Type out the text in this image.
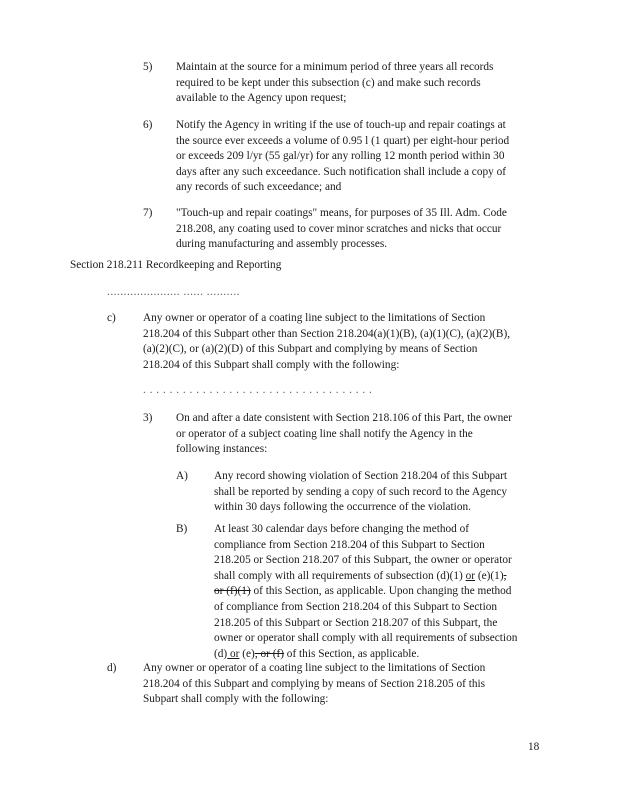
5) Maintain at the source for a minimum period of three years all records
required to be kept under this subsection (c) and make such records
available to the Agency upon request;

6) Notify the Agency in writing if the use of touch-up and repair coatings at
the source ever exceeds a volume of 0.95 l (1 quart) per eight-hour period
or exceeds 209 l/yr (55 gal/yr) for any rolling 12 month period within 30
days after any such exceedance. Such notification shall include a copy of
any records of such exceedance; and

7) "Touch-up and repair coatings" means, for purposes of 35 Ill. Adm. Code
218.208, any coating used to cover minor scratches and nicks that occur
during manufacturing and assembly processes.

Section 218.211 Recordkeeping and Reporting

...................... ...... ..........

c) Any owner or operator of a coating line subject to the limitations of Section
218.204 of this Subpart other than Section 218.204(a)(1)(B), (a)(1)(C), (a)(2)(B),
(a)(2)(C), or (a)(2)(D) of this Subpart and complying by means of Section
218.204 of this Subpart shall comply with the following:

. . . . . . . . . . . . . . . . . . . . . . . . . . . . . . . . . . .

3) On and after a date consistent with Section 218.106 of this Part, the owner
or operator of a subject coating line shall notify the Agency in the
following instances:

A) Any record showing violation of Section 218.204 of this Subpart
shall be reported by sending a copy of such record to the Agency
within 30 days following the occurrence of the violation.

B) At least 30 calendar days before changing the method of
compliance from Section 218.204 of this Subpart to Section
218.205 or Section 218.207 of this Subpart, the owner or operator
shall comply with all requirements of subsection (d)(1) or (e)(1),
or (f)(1) of this Section, as applicable. Upon changing the method
of compliance from Section 218.204 of this Subpart to Section
218.205 of this Subpart or Section 218.207 of this Subpart, the
owner or operator shall comply with all requirements of subsection
(d) or (e), or (f) of this Section, as applicable.

d) Any owner or operator of a coating line subject to the limitations of Section
218.204 of this Subpart and complying by means of Section 218.205 of this
Subpart shall comply with the following:

18
